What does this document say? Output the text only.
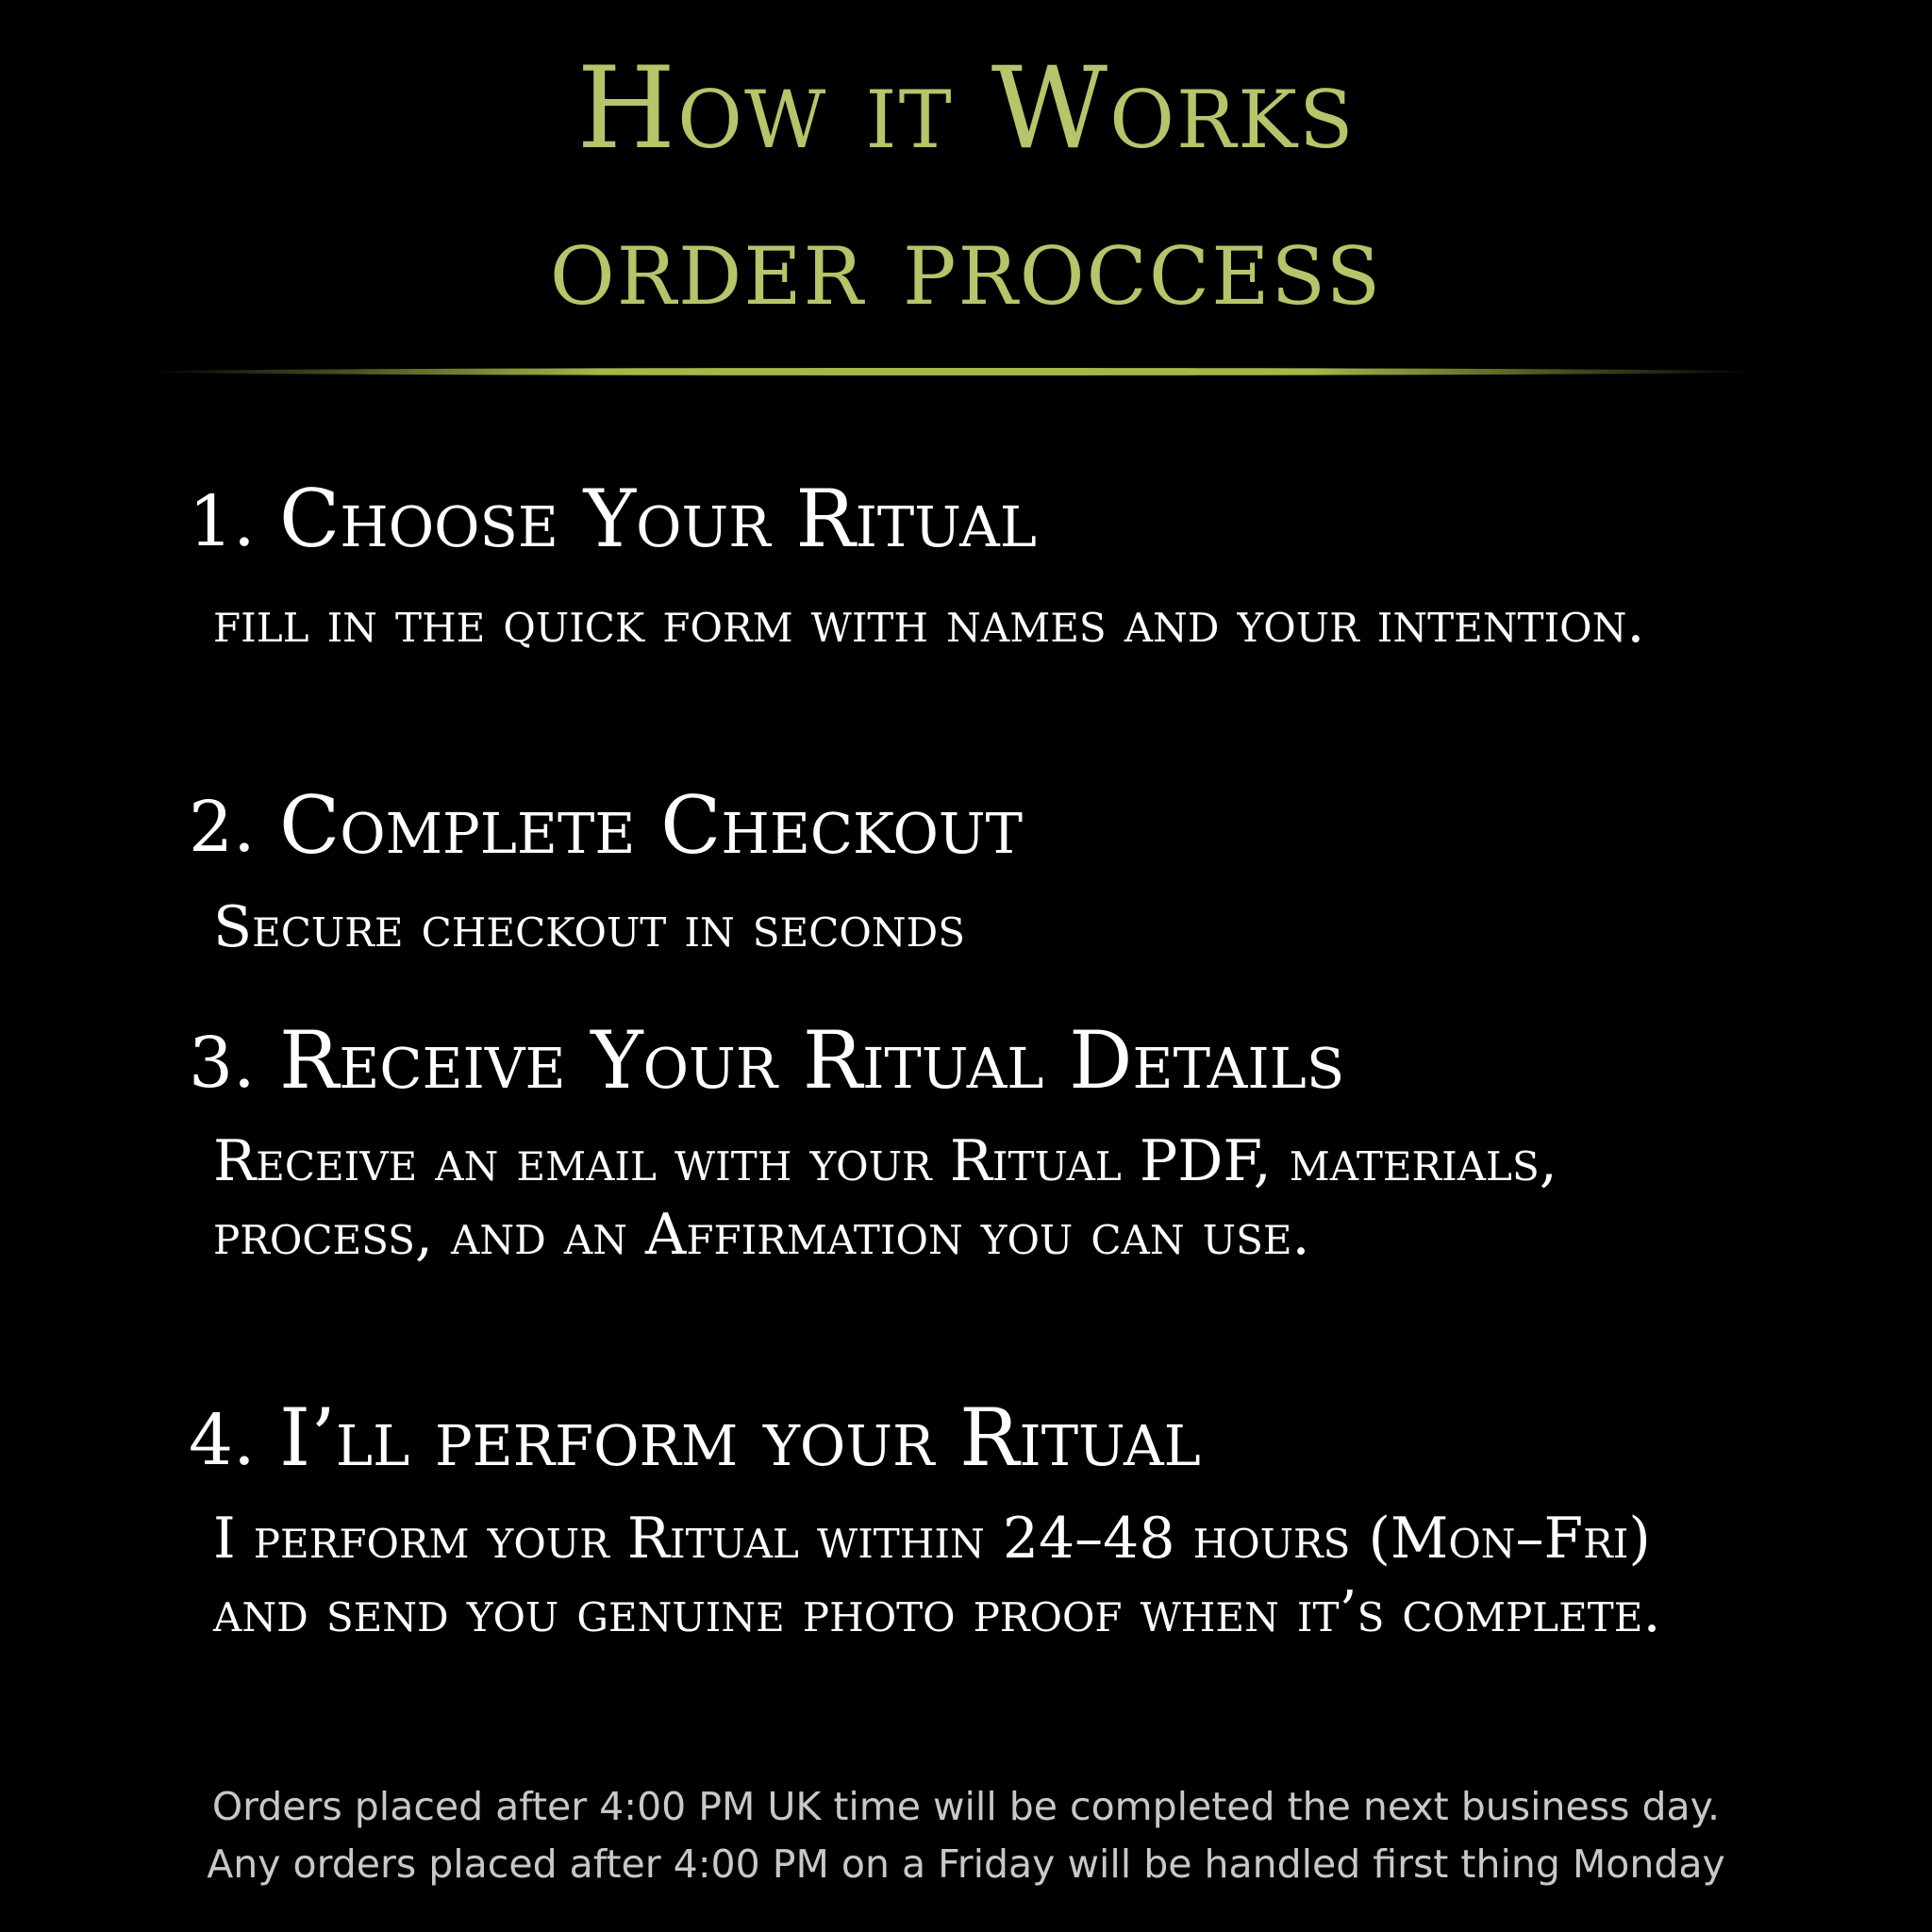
How it Works
order proccess
1. Choose Your Ritual
fill in the quick form with names and your intention.
2. Complete Checkout
Secure checkout in seconds
3. Receive Your Ritual Details
Receive an email with your Ritual PDF, materials, process, and an Affirmation you can use.
4. I’ll perform your Ritual
I perform your Ritual within 24–48 hours (Mon–Fri) and send you genuine photo proof when it’s complete.
Orders placed after 4:00 PM UK time will be completed the next business day.
Any orders placed after 4:00 PM on a Friday will be handled first thing Monday
